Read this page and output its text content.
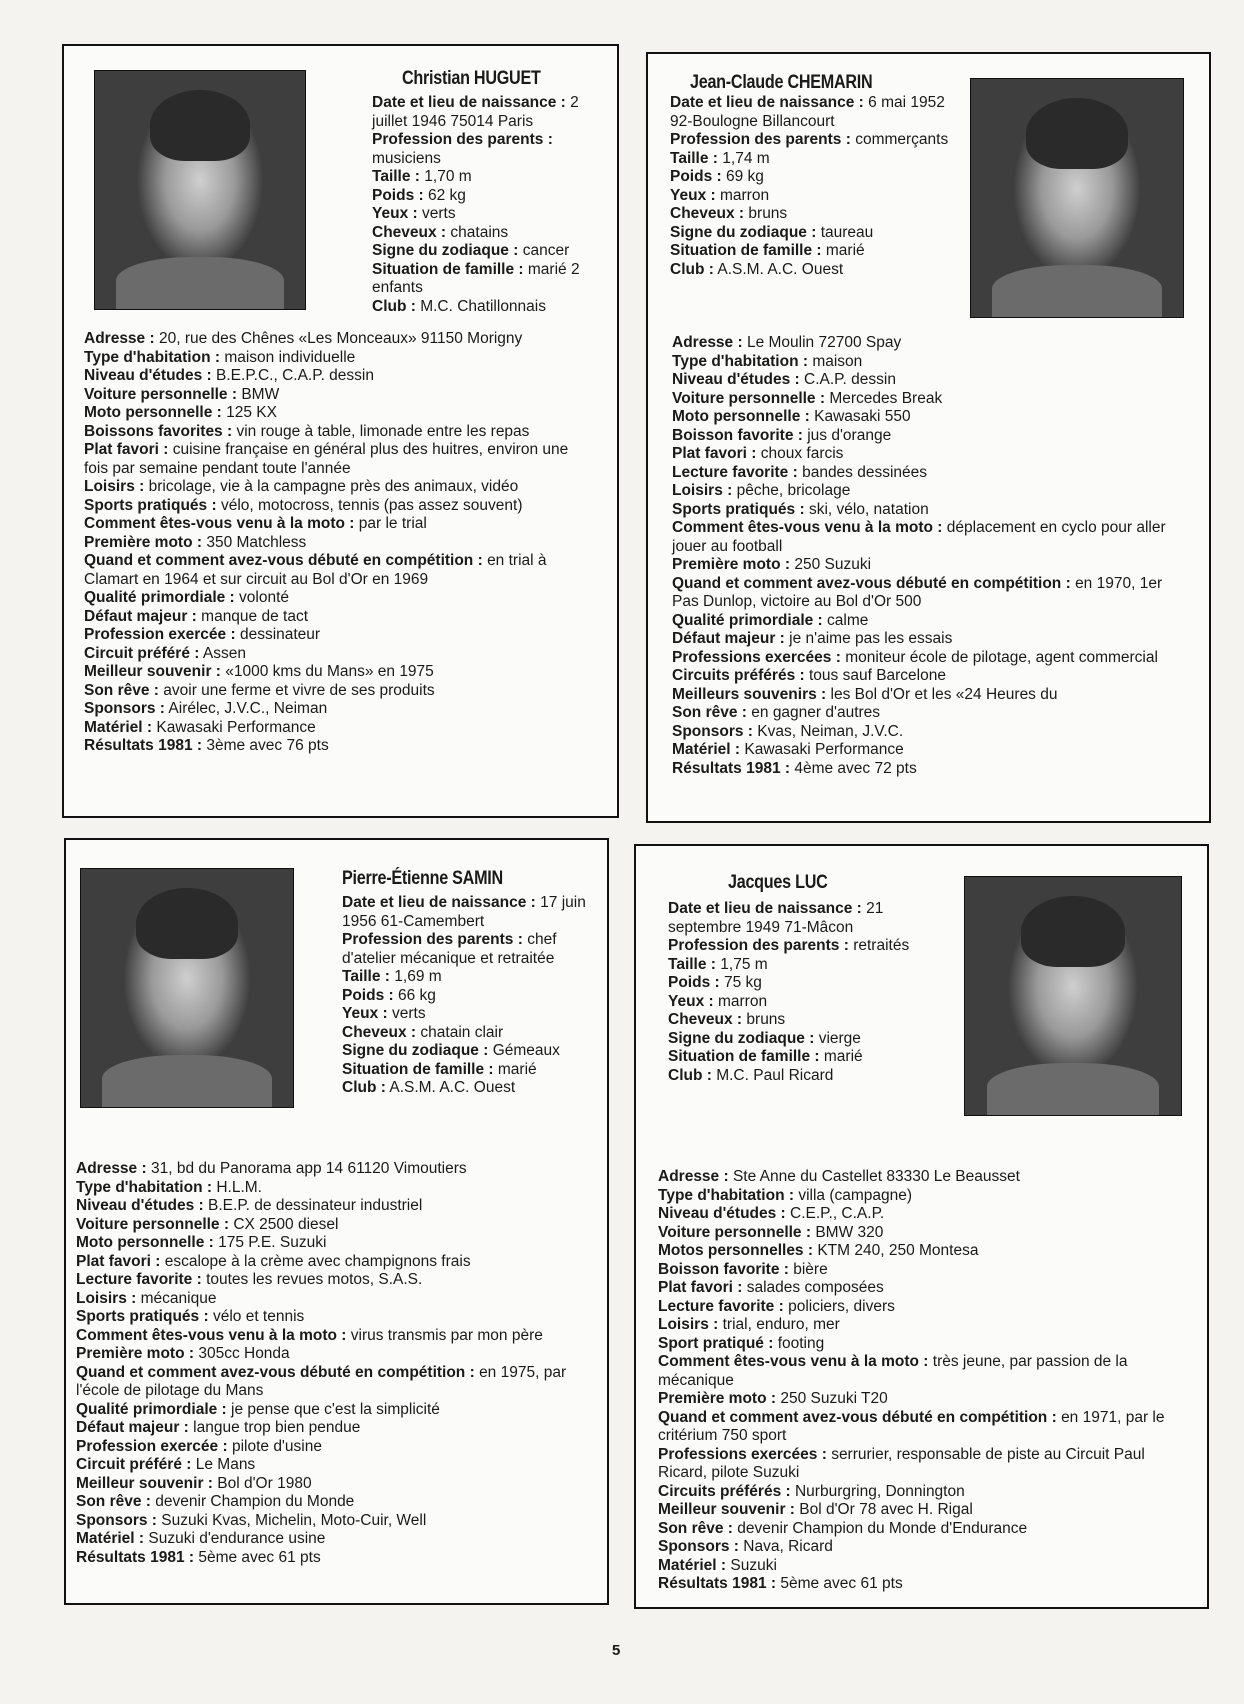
Christian HUGUET

Date et lieu de naissance : 2 juillet 1946 75014 Paris

Profession des parents : musiciens

Taille : 1,70 m

Poids : 62 kg

Yeux : verts

Cheveux : chatains

Signe du zodiaque : cancer

Situation de famille : marié 2 enfants

Club : M.C. Chatillonnais

Adresse : 20, rue des Chênes «Les Monceaux» 91150 Morigny

Type d'habitation : maison individuelle

Niveau d'études : B.E.P.C., C.A.P. dessin

Voiture personnelle : BMW

Moto personnelle : 125 KX

Boissons favorites : vin rouge à table, limonade entre les repas

Plat favori : cuisine française en général plus des huitres, environ une fois par semaine pendant toute l'année

Loisirs : bricolage, vie à la campagne près des animaux, vidéo

Sports pratiqués : vélo, motocross, tennis (pas assez souvent)

Comment êtes-vous venu à la moto : par le trial

Première moto : 350 Matchless

Quand et comment avez-vous débuté en compétition : en trial à Clamart en 1964 et sur circuit au Bol d'Or en 1969

Qualité primordiale : volonté

Défaut majeur : manque de tact

Profession exercée : dessinateur

Circuit préféré : Assen

Meilleur souvenir : «1000 kms du Mans» en 1975

Son rêve : avoir une ferme et vivre de ses produits

Sponsors : Airélec, J.V.C., Neiman

Matériel : Kawasaki Performance

Résultats 1981 : 3ème avec 76 pts

Jean-Claude CHEMARIN

Date et lieu de naissance : 6 mai 1952 92-Boulogne Billancourt

Profession des parents : commerçants

Taille : 1,74 m

Poids : 69 kg

Yeux : marron

Cheveux : bruns

Signe du zodiaque : taureau

Situation de famille : marié

Club : A.S.M. A.C. Ouest

Adresse : Le Moulin 72700 Spay

Type d'habitation : maison

Niveau d'études : C.A.P. dessin

Voiture personnelle : Mercedes Break

Moto personnelle : Kawasaki 550

Boisson favorite : jus d'orange

Plat favori : choux farcis

Lecture favorite : bandes dessinées

Loisirs : pêche, bricolage

Sports pratiqués : ski, vélo, natation

Comment êtes-vous venu à la moto : déplacement en cyclo pour aller jouer au football

Première moto : 250 Suzuki

Quand et comment avez-vous débuté en compétition : en 1970, 1er Pas Dunlop, victoire au Bol d'Or 500

Qualité primordiale : calme

Défaut majeur : je n'aime pas les essais

Professions exercées : moniteur école de pilotage, agent commercial

Circuits préférés : tous sauf Barcelone

Meilleurs souvenirs : les Bol d'Or et les «24 Heures du

Son rêve : en gagner d'autres

Sponsors : Kvas, Neiman, J.V.C.

Matériel : Kawasaki Performance

Résultats 1981 : 4ème avec 72 pts

Pierre-Étienne SAMIN

Date et lieu de naissance : 17 juin 1956 61-Camembert

Profession des parents : chef d'atelier mécanique et retraitée

Taille : 1,69 m

Poids : 66 kg

Yeux : verts

Cheveux : chatain clair

Signe du zodiaque : Gémeaux

Situation de famille : marié

Club : A.S.M. A.C. Ouest

Adresse : 31, bd du Panorama app 14 61120 Vimoutiers

Type d'habitation : H.L.M.

Niveau d'études : B.E.P. de dessinateur industriel

Voiture personnelle : CX 2500 diesel

Moto personnelle : 175 P.E. Suzuki

Plat favori : escalope à la crème avec champignons frais

Lecture favorite : toutes les revues motos, S.A.S.

Loisirs : mécanique

Sports pratiqués : vélo et tennis

Comment êtes-vous venu à la moto : virus transmis par mon père

Première moto : 305cc Honda

Quand et comment avez-vous débuté en compétition : en 1975, par l'école de pilotage du Mans

Qualité primordiale : je pense que c'est la simplicité

Défaut majeur : langue trop bien pendue

Profession exercée : pilote d'usine

Circuit préféré : Le Mans

Meilleur souvenir : Bol d'Or 1980

Son rêve : devenir Champion du Monde

Sponsors : Suzuki Kvas, Michelin, Moto-Cuir, Well

Matériel : Suzuki d'endurance usine

Résultats 1981 : 5ème avec 61 pts

Jacques LUC

Date et lieu de naissance : 21 septembre 1949 71-Mâcon

Profession des parents : retraités

Taille : 1,75 m

Poids : 75 kg

Yeux : marron

Cheveux : bruns

Signe du zodiaque : vierge

Situation de famille : marié

Club : M.C. Paul Ricard

Adresse : Ste Anne du Castellet 83330 Le Beausset

Type d'habitation : villa (campagne)

Niveau d'études : C.E.P., C.A.P.

Voiture personnelle : BMW 320

Motos personnelles : KTM 240, 250 Montesa

Boisson favorite : bière

Plat favori : salades composées

Lecture favorite : policiers, divers

Loisirs : trial, enduro, mer

Sport pratiqué : footing

Comment êtes-vous venu à la moto : très jeune, par passion de la mécanique

Première moto : 250 Suzuki T20

Quand et comment avez-vous débuté en compétition : en 1971, par le critérium 750 sport

Professions exercées : serrurier, responsable de piste au Circuit Paul Ricard, pilote Suzuki

Circuits préférés : Nurburgring, Donnington

Meilleur souvenir : Bol d'Or 78 avec H. Rigal

Son rêve : devenir Champion du Monde d'Endurance

Sponsors : Nava, Ricard

Matériel : Suzuki

Résultats 1981 : 5ème avec 61 pts

5
